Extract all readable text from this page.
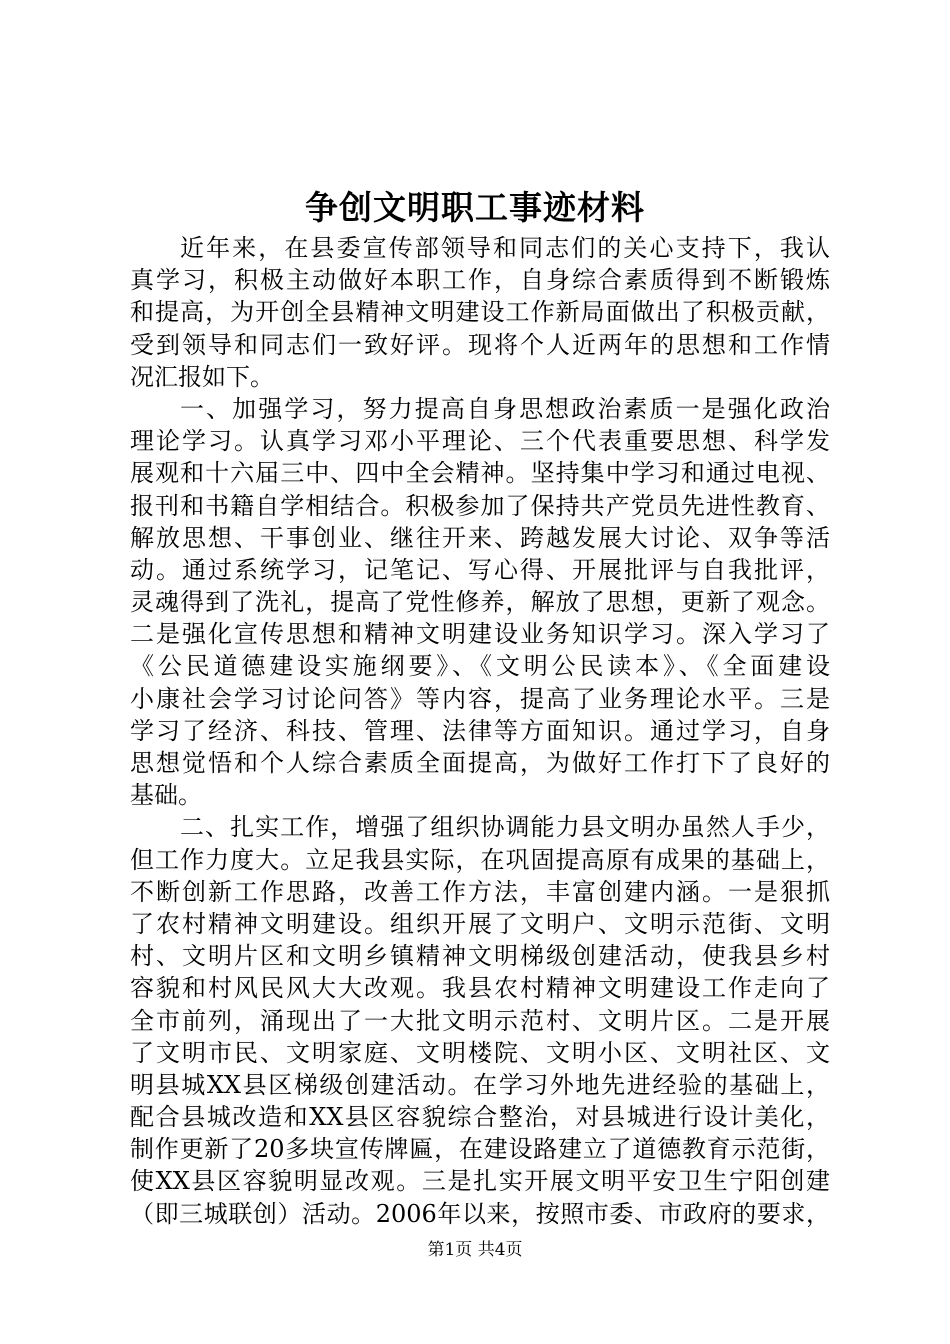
争创文明职工事迹材料
近年来，在县委宣传部领导和同志们的关心支持下，我认
真学习，积极主动做好本职工作，自身综合素质得到不断锻炼
和提高，为开创全县精神文明建设工作新局面做出了积极贡献，
受到领导和同志们一致好评。现将个人近两年的思想和工作情
况汇报如下。
一、加强学习，努力提高自身思想政治素质一是强化政治
理论学习。认真学习邓小平理论、三个代表重要思想、科学发
展观和十六届三中、四中全会精神。坚持集中学习和通过电视、
报刊和书籍自学相结合。积极参加了保持共产党员先进性教育、
解放思想、干事创业、继往开来、跨越发展大讨论、双争等活
动。通过系统学习，记笔记、写心得、开展批评与自我批评，
灵魂得到了洗礼，提高了党性修养，解放了思想，更新了观念。
二是强化宣传思想和精神文明建设业务知识学习。深入学习了
《公民道德建设实施纲要》、《文明公民读本》、《全面建设
小康社会学习讨论问答》等内容，提高了业务理论水平。三是
学习了经济、科技、管理、法律等方面知识。通过学习，自身
思想觉悟和个人综合素质全面提高，为做好工作打下了良好的
基础。
二、扎实工作，增强了组织协调能力县文明办虽然人手少，
但工作力度大。立足我县实际，在巩固提高原有成果的基础上，
不断创新工作思路，改善工作方法，丰富创建内涵。一是狠抓
了农村精神文明建设。组织开展了文明户、文明示范街、文明
村、文明片区和文明乡镇精神文明梯级创建活动，使我县乡村
容貌和村风民风大大改观。我县农村精神文明建设工作走向了
全市前列，涌现出了一大批文明示范村、文明片区。二是开展
了文明市民、文明家庭、文明楼院、文明小区、文明社区、文
明县城XX县区梯级创建活动。在学习外地先进经验的基础上，
配合县城改造和XX县区容貌综合整治，对县城进行设计美化，
制作更新了20多块宣传牌匾，在建设路建立了道德教育示范街，
使XX县区容貌明显改观。三是扎实开展文明平安卫生宁阳创建
（即三城联创）活动。2006年以来，按照市委、市政府的要求，
第1页 共4页
